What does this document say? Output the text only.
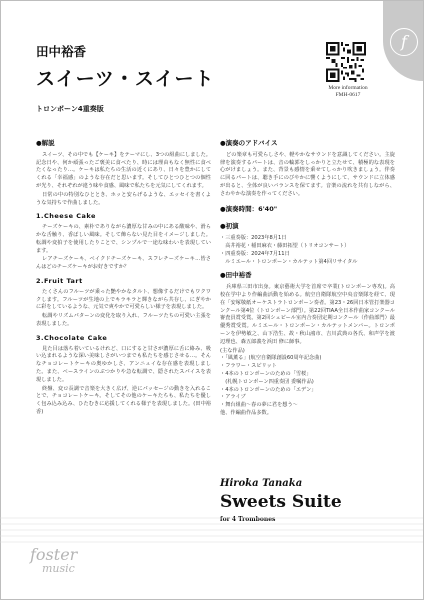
f
田中裕香
スイーツ・スイート
トロンボーン4重奏版
More information
FMH-0617
●解説

スイーツ、その中でも【ケーキ】をテーマにし、3つの組曲にしました。記念日や、何か頑張ったご褒美に食べたり、時には理由もなく無性に食べたくなったり…。ケーキは私たちの生活の近くにあり、日々を豊かにしてくれる「幸福感」のような存在だと思います。そしてひとつひとつの個性が光り、それぞれが違う味や食感、風味で私たちを元気にしてくれます。

日常の中の特別なひととき、ホッと安らげるような、エッセイを書くような気持ちで作曲しました。

1.Cheese Cake

チーズケーキの、素朴でありながら濃厚な甘みの中にある酸味や、滑らかな舌触り、香ばしい風味。そして飾らない見た目をイメージしました。転調や変拍子を使用したりことで、シンプルで一途な味わいを表現しています。

レアチーズケーキ、ベイクドチーズケーキ、スフレチーズケーキ…皆さんはどのチーズケーキがお好きですか？

2.Fruit Tart

たくさんのフルーツが乗った艶やかなタルト、想像するだけでもワクワクします。フルーツが生地の上でキラキラと輝きながら共存し、にぎやかに彩をしているような、元気で爽やかで可愛らしい様子を表現しました。

転調やリズムパターンの変化を取り入れ、フルーツたちの可愛い主張を表現しました。

3.Chocolate Cake

見た目は落ち着いているけれど、口にすると甘さが濃厚に舌に絡み、吸い込まれるような深い美味しさがいつまでも私たちを感じさせる…。そんなチョコレートケーキの奥ゆかしさ、アンニュイな存在感を表現しました。また、ベースラインのぶつかりや急な転調で、隠されたスパイスを表現しました。

終盤、変ロ長調で音楽を大きく広げ、逆にパッセージの動きを入れることで、チョコレートケーキ。そしてその他のケーキたちも、私たちを優しく包み込み込み、ひたむきに応援してくれる様子を表現しました。(田中裕香)

●演奏のアドバイス

どの楽章も可愛らしさや、軽やかなサウンドを意識してください。主旋律を演奏するパートは、音の輪郭をしっかりと立たせて、積極的な表現を心がけましょう。また、背景も感情を乗せてしっかり吹きましょう。伴奏に回るパートは、聴き手にのびやかに響くようにして、サウンドに立体感が出ると、全体が良いバランスを保てます。音楽の流れを共有しながら、さわやかな演奏を作ってください。

●演奏時間：6'40"
●初演
・三重奏版：2023年8月1日
　高井裕花・稲田麻衣・藤田拓望（トリオコンサート）
・四重奏版：2024年7月11日
　ルミエール・トロンボーン・カルテット第4回リサイタル
●田中裕香

兵庫県三田市出身。東京藝術大学を首席で卒業(トロンボーン専攻)。高校在学中より作編曲活動を始める。航空自衛隊航空中央音楽隊を経て、現在「安塚敬紙オーケストラトロンボーン奏者。第23・26回日本管打楽器コンクール第4位（トロンボーン部門）。第22回TIAA全日本作曲家コンクール審査員賞受賞。第2回シェピール室内合奏団定期コンクール（作曲部門）最優秀賞受賞。ルミエール・トロンボーン・カルテットメンバー。トロンボーンを伊勢敏之、山下浩生、故・秋山鴻市、吉川武典の各氏、和声学を渡辺理也、森五郎義を浜田 修に師事。

(主な作品)
・「風薫る」(航空自衛隊創設60周年記念曲)
・フラワー・スピリット
・4本のトロンボーンのための「雪桜」
　(札幌トロンボーン四重奏団 委嘱作品)
・4本のトロンボーンのための「エデン」
・アライブ
・舞台組曲～春の夢に君を想う～
他、作編曲作品多数。
Hiroka Tanaka
Sweets Suite
for 4 Trombones
foster
music
